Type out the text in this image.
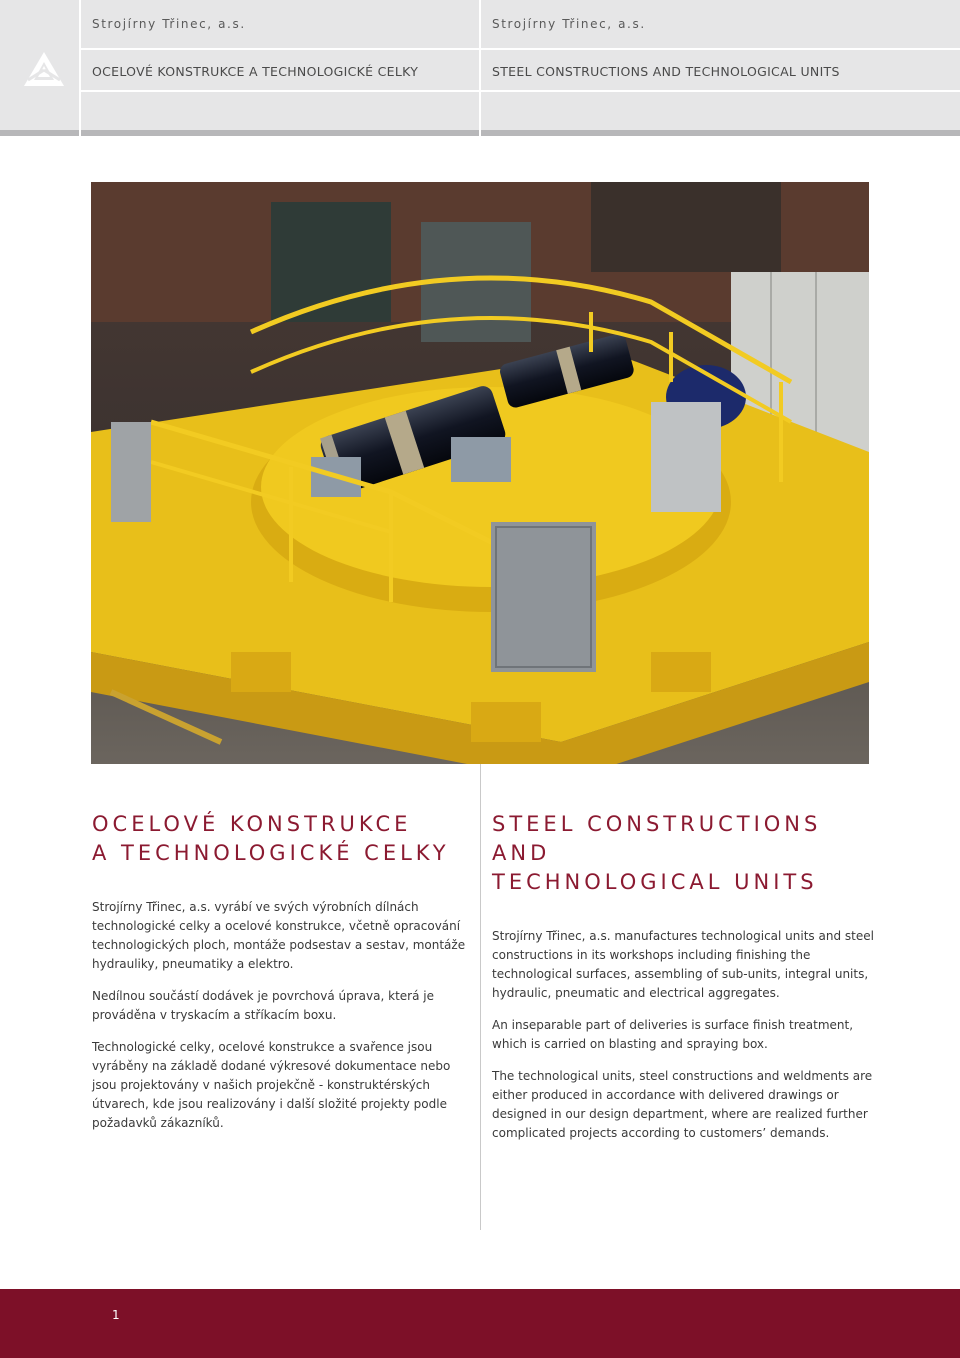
Strojírny Třinec, a.s.	Strojírny Třinec, a.s.
OCELOVÉ KONSTRUKCE A TECHNOLOGICKÉ CELKY	STEEL CONSTRUCTIONS AND TECHNOLOGICAL UNITS
OCELOVÉ KONSTRUKCE
A TECHNOLOGICKÉ CELKY

Strojírny Třinec, a.s. vyrábí ve svých výrobních dílnách technologické celky a ocelové konstrukce, včetně opracování technologických ploch, montáže podsestav a sestav, montáže hydrauliky, pneumatiky a elektro.

Nedílnou součástí dodávek je povrchová úprava, která je prováděna v tryskacím a stříkacím boxu.

Technologické celky, ocelové konstrukce a svařence jsou vyráběny na základě dodané výkresové dokumentace nebo jsou projektovány v našich projekčně - konstruktérských útvarech, kde jsou realizovány i další složité projekty podle požadavků zákazníků.

STEEL CONSTRUCTIONS AND
TECHNOLOGICAL UNITS

Strojírny Třinec, a.s. manufactures technological units and steel constructions in its workshops including finishing the technological surfaces, assembling of sub-units, integral units, hydraulic, pneumatic and electrical aggregates.

An inseparable part of deliveries is surface finish treatment, which is carried on blasting and spraying box.

The technological units, steel constructions and weldments are either produced in accordance with delivered drawings or designed in our design department, where are realized further complicated projects according to customers’ demands.

1
